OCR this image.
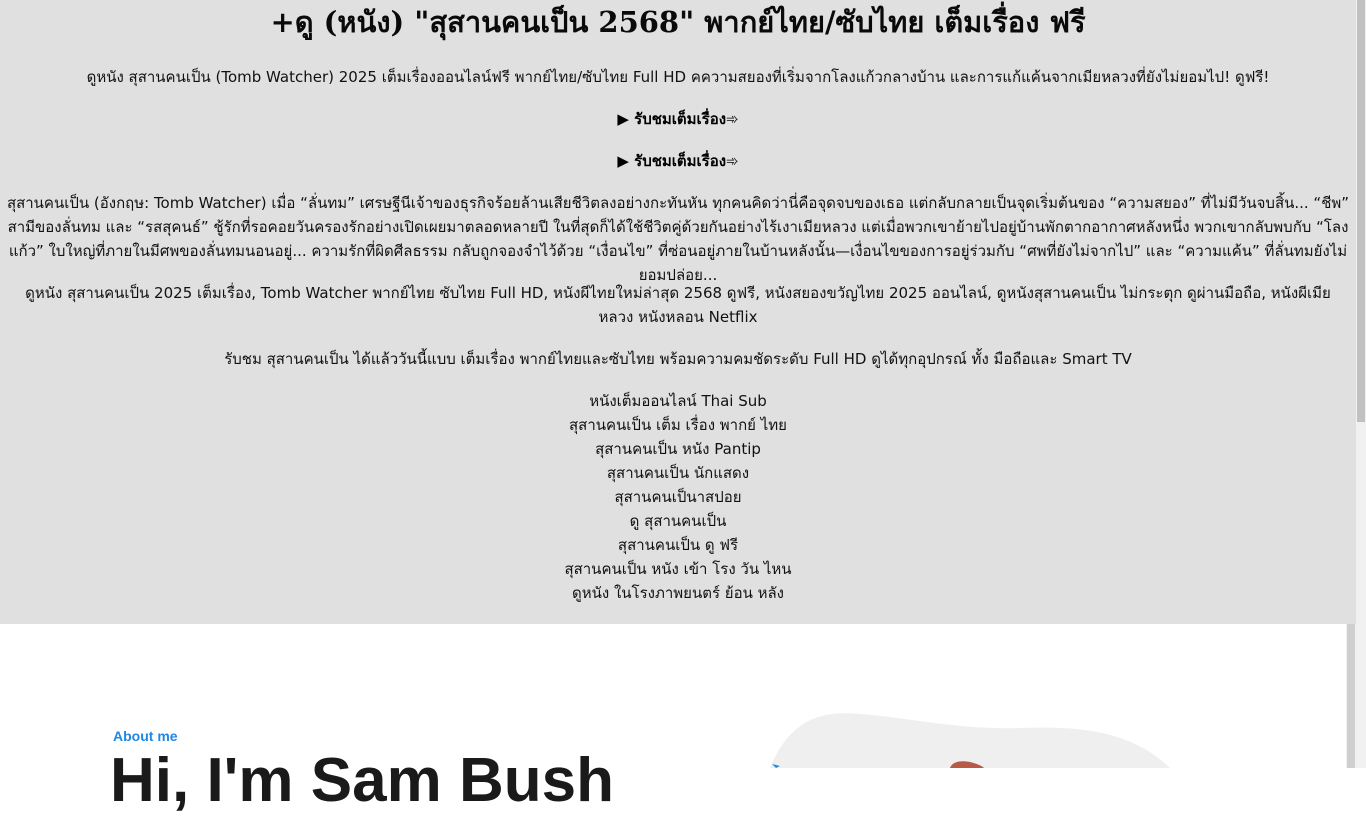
+ดู (หนัง) "สุสานคนเป็น 2568" พากย์ไทย/ซับไทย เต็มเรื่อง ฟรี

ดูหนัง สุสานคนเป็น (Tomb Watcher) 2025 เต็มเรื่องออนไลน์ฟรี พากย์ไทย/ซับไทย Full HD คความสยองที่เริ่มจากโลงแก้วกลางบ้าน และการแก้แค้นจากเมียหลวงที่ยังไม่ยอมไป! ดูฟรี!

▶ รับชมเต็มเรื่อง➾
▶ รับชมเต็มเรื่อง➾

สุสานคนเป็น (อังกฤษ: Tomb Watcher) เมื่อ “ลั่นทม” เศรษฐีนีเจ้าของธุรกิจร้อยล้านเสียชีวิตลงอย่างกะทันหัน ทุกคนคิดว่านี่คือจุดจบของเธอ แต่กลับกลายเป็นจุดเริ่มต้นของ “ความสยอง” ที่ไม่มีวันจบสิ้น... “ชีพ” สามีของลั่นทม และ “รสสุคนธ์” ชู้รักที่รอคอยวันครองรักอย่างเปิดเผยมาตลอดหลายปี ในที่สุดก็ได้ใช้ชีวิตคู่ด้วยกันอย่างไร้เงาเมียหลวง แต่เมื่อพวกเขาย้ายไปอยู่บ้านพักตากอากาศหลังหนึ่ง พวกเขากลับพบกับ “โลงแก้ว” ใบใหญ่ที่ภายในมีศพของลั่นทมนอนอยู่... ความรักที่ผิดศีลธรรม กลับถูกจองจำไว้ด้วย “เงื่อนไข” ที่ซ่อนอยู่ภายในบ้านหลังนั้น—เงื่อนไขของการอยู่ร่วมกับ “ศพที่ยังไม่จากไป” และ “ความแค้น” ที่ลั่นทมยังไม่ยอมปล่อย...

ดูหนัง สุสานคนเป็น 2025 เต็มเรื่อง, Tomb Watcher พากย์ไทย ซับไทย Full HD, หนังผีไทยใหม่ล่าสุด 2568 ดูฟรี, หนังสยองขวัญไทย 2025 ออนไลน์, ดูหนังสุสานคนเป็น ไม่กระตุก ดูผ่านมือถือ, หนังผีเมียหลวง หนังหลอน Netflix

รับชม สุสานคนเป็น ได้แล้ววันนี้แบบ เต็มเรื่อง พากย์ไทยและซับไทย พร้อมความคมชัดระดับ Full HD ดูได้ทุกอุปกรณ์ ทั้ง มือถือและ Smart TV

หนังเต็มออนไลน์ Thai Sub
สุสานคนเป็น เต็ม เรื่อง พากย์ ไทย
สุสานคนเป็น หนัง Pantip
สุสานคนเป็น นักแสดง
สุสานคนเป็นาสปอย
ดู สุสานคนเป็น
สุสานคนเป็น ดู ฟรี
สุสานคนเป็น หนัง เข้า โรง วัน ไหน
ดูหนัง ในโรงภาพยนตร์ ย้อน หลัง
About me
Hi, I'm Sam Bush
